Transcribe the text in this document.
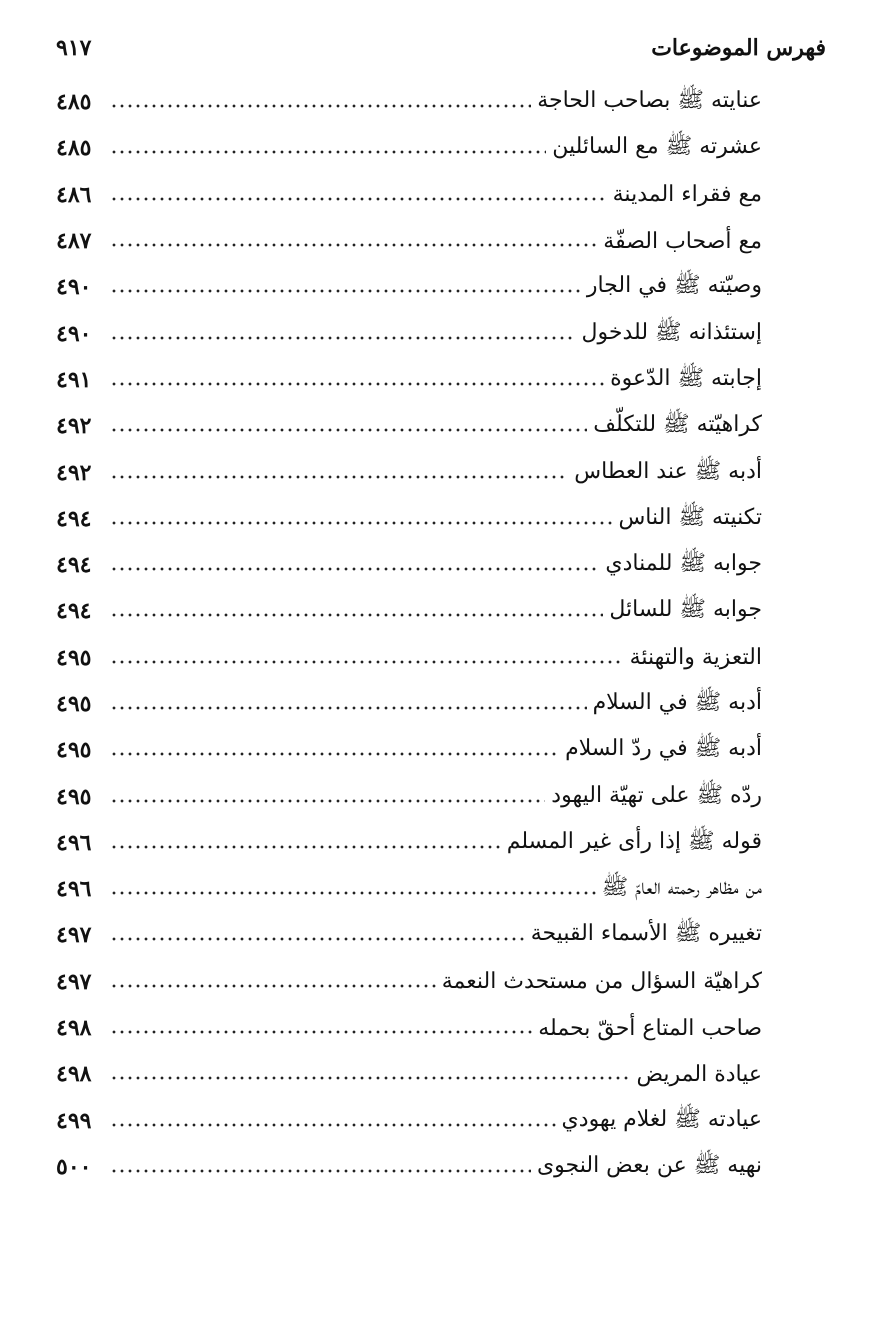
فهرس الموضوعات
٩١٧
عنايته ﷺ بصاحب الحاجة
٤٨٥
عشرته ﷺ مع السائلين
٤٨٥
مع فقراء المدينة
٤٨٦
مع أصحاب الصفّة
٤٨٧
وصيّته ﷺ في الجار
٤٩٠
إستئذانه ﷺ للدخول
٤٩٠
إجابته ﷺ الدّعوة
٤٩١
كراهيّته ﷺ للتكلّف
٤٩٢
أدبه ﷺ عند العطاس
٤٩٢
تكنيته ﷺ الناس
٤٩٤
جوابه ﷺ للمنادي
٤٩٤
جوابه ﷺ للسائل
٤٩٤
التعزية والتهنئة
٤٩٥
أدبه ﷺ في السلام
٤٩٥
أدبه ﷺ في ردّ السلام
٤٩٥
ردّه ﷺ على تهيّة اليهود
٤٩٥
قوله ﷺ إذا رأى غير المسلم
٤٩٦
من مظاهر رحمته العامّ ﷺ
٤٩٦
تغييره ﷺ الأسماء القبيحة
٤٩٧
كراهيّة السؤال من مستحدث النعمة
٤٩٧
صاحب المتاع أحقّ بحمله
٤٩٨
عيادة المريض
٤٩٨
عيادته ﷺ لغلام يهودي
٤٩٩
نهيه ﷺ عن بعض النجوى
٥٠٠
